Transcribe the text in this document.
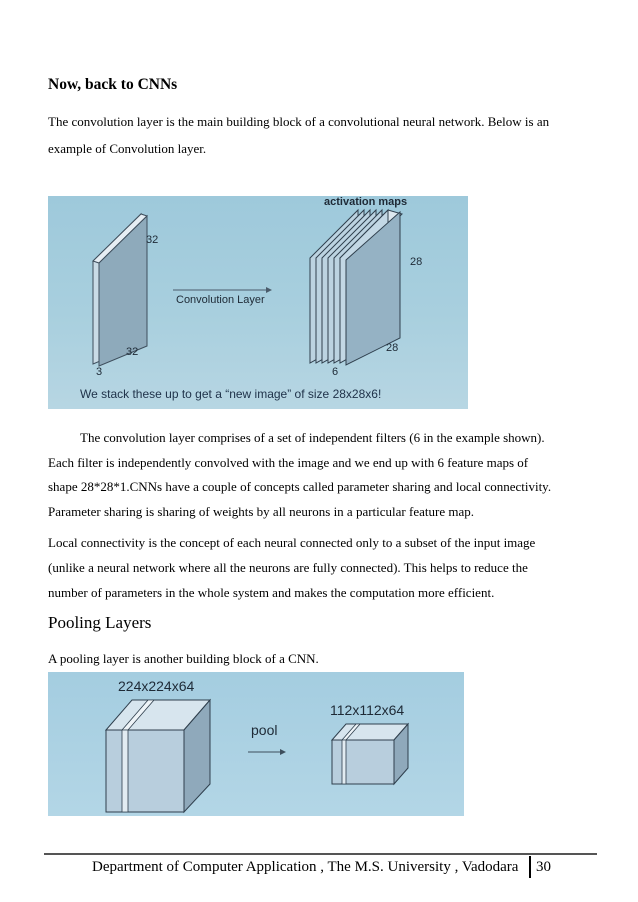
Now, back to CNNs
The convolution layer is the main building block of a convolutional neural network. Below is an
example of Convolution layer.
activation maps
32
32
3
Convolution Layer
28
28
6
We stack these up to get a “new image” of size 28x28x6!
The convolution layer comprises of a set of independent filters (6 in the example shown).
Each filter is independently convolved with the image and we end up with 6 feature maps of
shape 28*28*1.CNNs have a couple of concepts called parameter sharing and local connectivity.
Parameter sharing is sharing of weights by all neurons in a particular feature map.
Local connectivity is the concept of each neural connected only to a subset of the input image
(unlike a neural network where all the neurons are fully connected). This helps to reduce the
number of parameters in the whole system and makes the computation more efficient.
Pooling Layers
A pooling layer is another building block of a CNN.
224x224x64
pool
112x112x64
Department of Computer Application , The M.S. University , Vadodara 30
